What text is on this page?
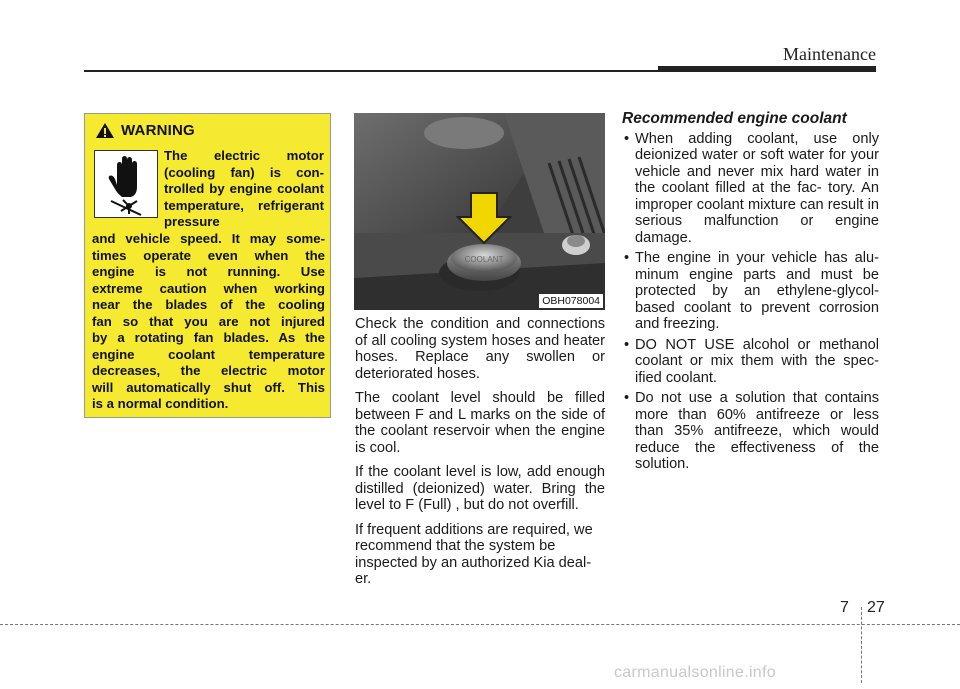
Maintenance
WARNING
The electric motor (cooling fan) is con- trolled by engine coolant temperature, refrigerant pressure
and vehicle speed. It may some-
times operate even when the
engine is not running. Use
extreme caution when working
near the blades of the cooling
fan so that you are not injured
by a rotating fan blades. As the
engine coolant temperature
decreases, the electric motor
will automatically shut off. This
is a normal condition.
COOLANT
OBH078004

Check the condition and connections of all cooling system hoses and heater hoses. Replace any swollen or deteriorated hoses.

The coolant level should be filled between F and L marks on the side of the coolant reservoir when the engine is cool.

If the coolant level is low, add enough distilled (deionized) water. Bring the level to F (Full) , but do not overfill.

If frequent additions are required, we recommend that the system be inspected by an authorized Kia deal- er.

Recommended engine coolant
• When adding coolant, use only deionized water or soft water for your vehicle and never mix hard water in the coolant filled at the fac- tory. An improper coolant mixture can result in serious malfunction or engine damage.
• The engine in your vehicle has alu- minum engine parts and must be protected by an ethylene-glycol- based coolant to prevent corrosion and freezing.
• DO NOT USE alcohol or methanol coolant or mix them with the spec- ified coolant.
• Do not use a solution that contains more than 60% antifreeze or less than 35% antifreeze, which would reduce the effectiveness of the solution.
7 27
carmanualsonline.info
